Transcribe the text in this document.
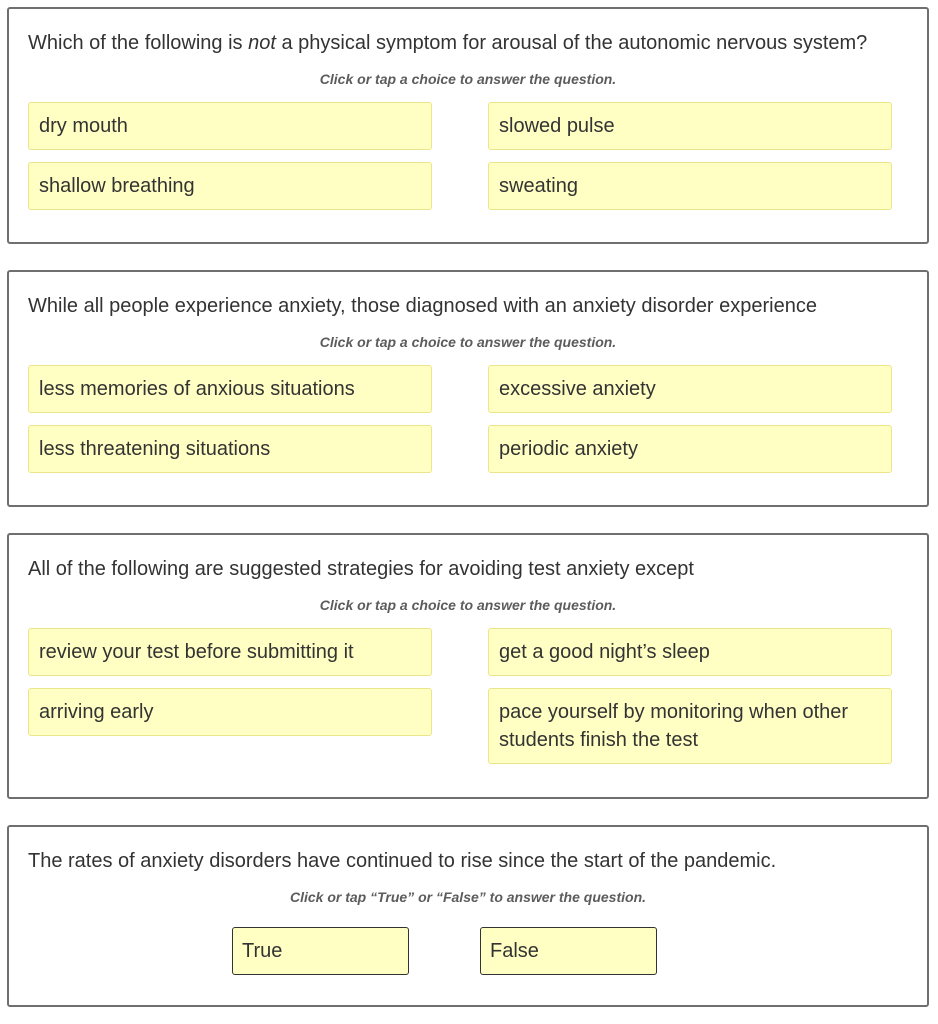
Which of the following is not a physical symptom for arousal of the autonomic nervous system?
Click or tap a choice to answer the question.
dry mouth	slowed pulse
shallow breathing	sweating
While all people experience anxiety, those diagnosed with an anxiety disorder experience
Click or tap a choice to answer the question.
less memories of anxious situations	excessive anxiety
less threatening situations	periodic anxiety
All of the following are suggested strategies for avoiding test anxiety except
Click or tap a choice to answer the question.
review your test before submitting it	get a good night’s sleep
arriving early	pace yourself by monitoring when other students finish the test
The rates of anxiety disorders have continued to rise since the start of the pandemic.
Click or tap “True” or “False” to answer the question.
True	False
